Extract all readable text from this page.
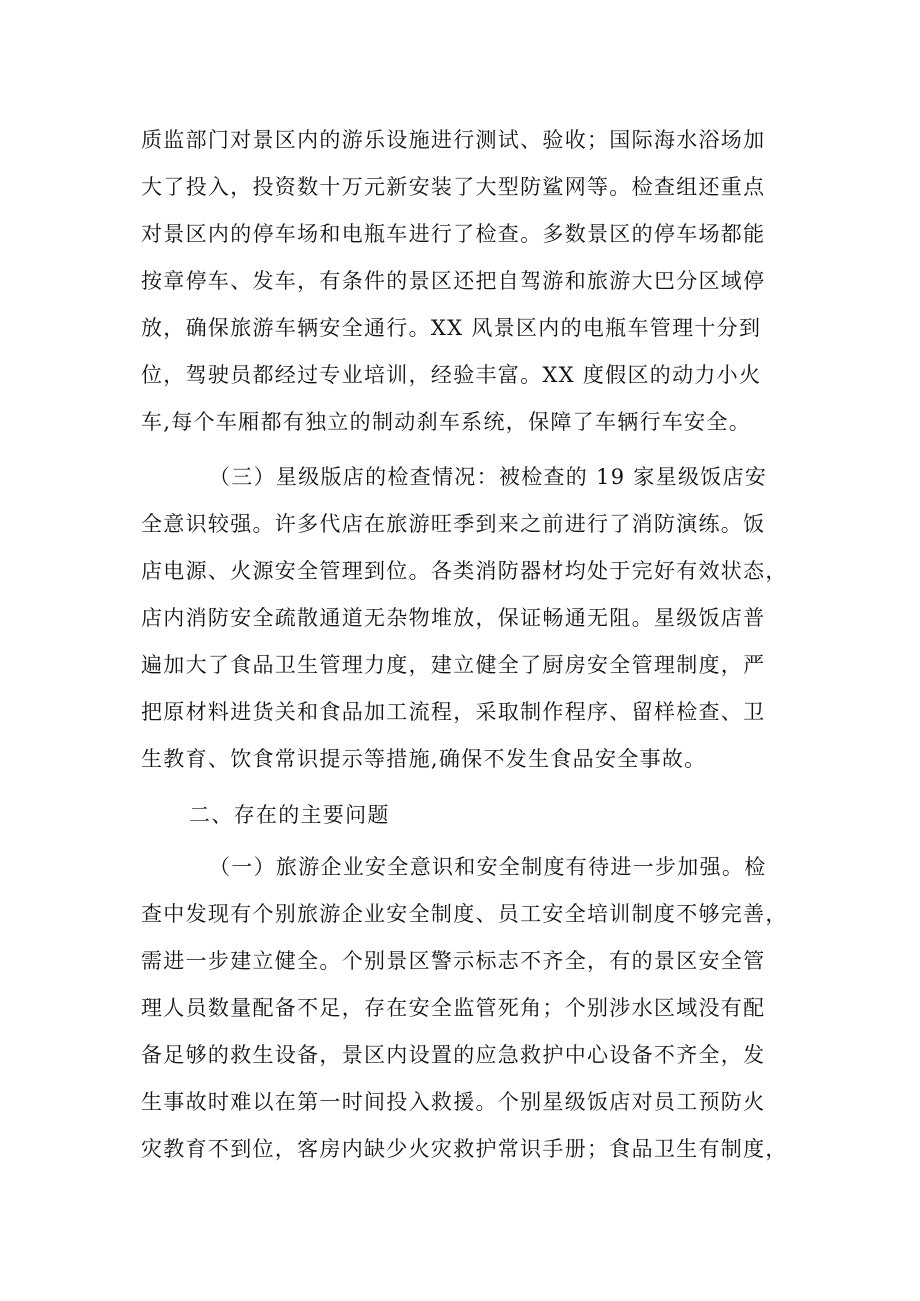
质监部门对景区内的游乐设施进行测试、验收；国际海水浴场加
大了投入，投资数十万元新安装了大型防鲨网等。检查组还重点
对景区内的停车场和电瓶车进行了检查。多数景区的停车场都能
按章停车、发车，有条件的景区还把自驾游和旅游大巴分区域停
放，确保旅游车辆安全通行。XX 风景区内的电瓶车管理十分到
位，驾驶员都经过专业培训，经验丰富。XX 度假区的动力小火
车,每个车厢都有独立的制动刹车系统，保障了车辆行车安全。
（三）星级版店的检查情况：被检查的 19 家星级饭店安
全意识较强。许多代店在旅游旺季到来之前进行了消防演练。饭
店电源、火源安全管理到位。各类消防器材均处于完好有效状态，
店内消防安全疏散通道无杂物堆放，保证畅通无阻。星级饭店普
遍加大了食品卫生管理力度，建立健全了厨房安全管理制度，严
把原材料进货关和食品加工流程，采取制作程序、留样检查、卫
生教育、饮食常识提示等措施,确保不发生食品安全事故。
二、存在的主要问题
（一）旅游企业安全意识和安全制度有待进一步加强。检
查中发现有个别旅游企业安全制度、员工安全培训制度不够完善，
需进一步建立健全。个别景区警示标志不齐全，有的景区安全管
理人员数量配备不足，存在安全监管死角；个别涉水区域没有配
备足够的救生设备，景区内设置的应急救护中心设备不齐全，发
生事故时难以在第一时间投入救援。个别星级饭店对员工预防火
灾教育不到位，客房内缺少火灾救护常识手册；食品卫生有制度，
